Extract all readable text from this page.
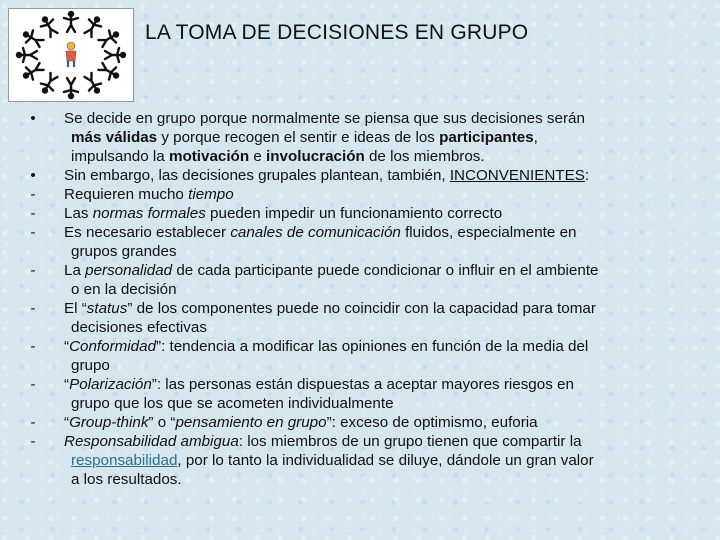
LA TOMA DE DECISIONES EN GRUPO
• Se decide en grupo porque normalmente se piensa que sus decisiones serán
más válidas y porque recogen el sentir e ideas de los participantes,
impulsando la motivación e involucración de los miembros.
• Sin embargo, las decisiones grupales plantean, también, INCONVENIENTES:
- Requieren mucho tiempo
- Las normas formales pueden impedir un funcionamiento correcto
- Es necesario establecer canales de comunicación fluidos, especialmente en
grupos grandes
- La personalidad de cada participante puede condicionar o influir en el ambiente
o en la decisión
- El “status” de los componentes puede no coincidir con la capacidad para tomar
decisiones efectivas
- “Conformidad”: tendencia a modificar las opiniones en función de la media del
grupo
- “Polarización”: las personas están dispuestas a aceptar mayores riesgos en
grupo que los que se acometen individualmente
- “Group-think” o “pensamiento en grupo”: exceso de optimismo, euforia
- Responsabilidad ambigua: los miembros de un grupo tienen que compartir la
responsabilidad, por lo tanto la individualidad se diluye, dándole un gran valor
a los resultados.
